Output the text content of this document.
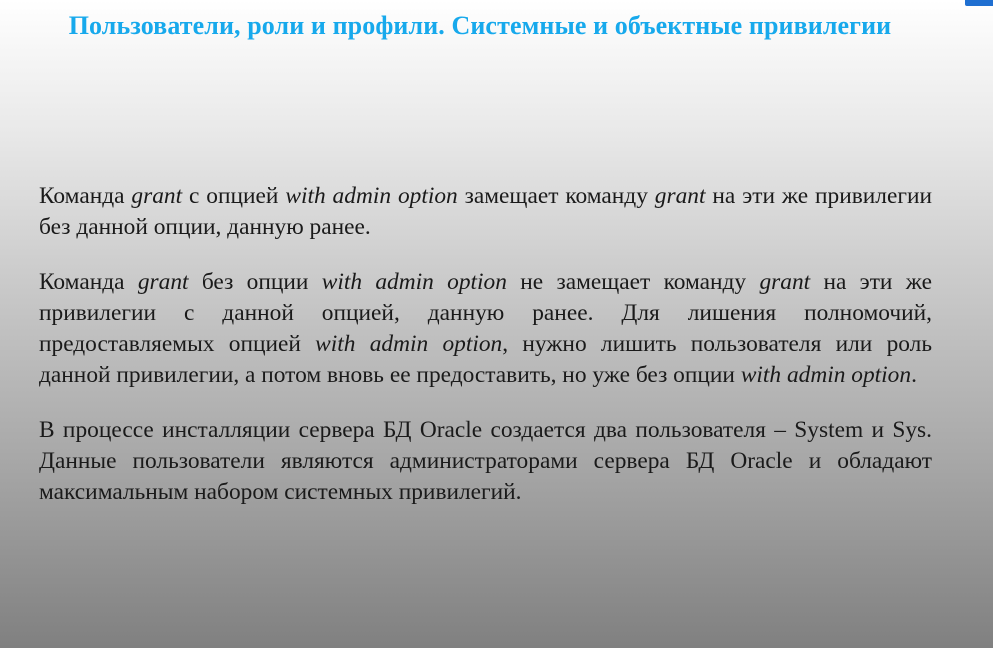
Пользователи, роли и профили. Системные и объектные привилегии

Команда grant с опцией with admin option замещает команду grant на эти же привилегии без данной опции, данную ранее.

Команда grant без опции with admin option не замещает команду grant на эти же привилегии с данной опцией, данную ранее. Для лишения полномочий, предоставляемых опцией with admin option, нужно лишить пользователя или роль данной привилегии, а потом вновь ее предоставить, но уже без опции with admin option.

В процессе инсталляции сервера БД Oracle создается два пользователя – System и Sys. Данные пользователи являются администраторами сервера БД Oracle и обладают максимальным набором системных привилегий.
